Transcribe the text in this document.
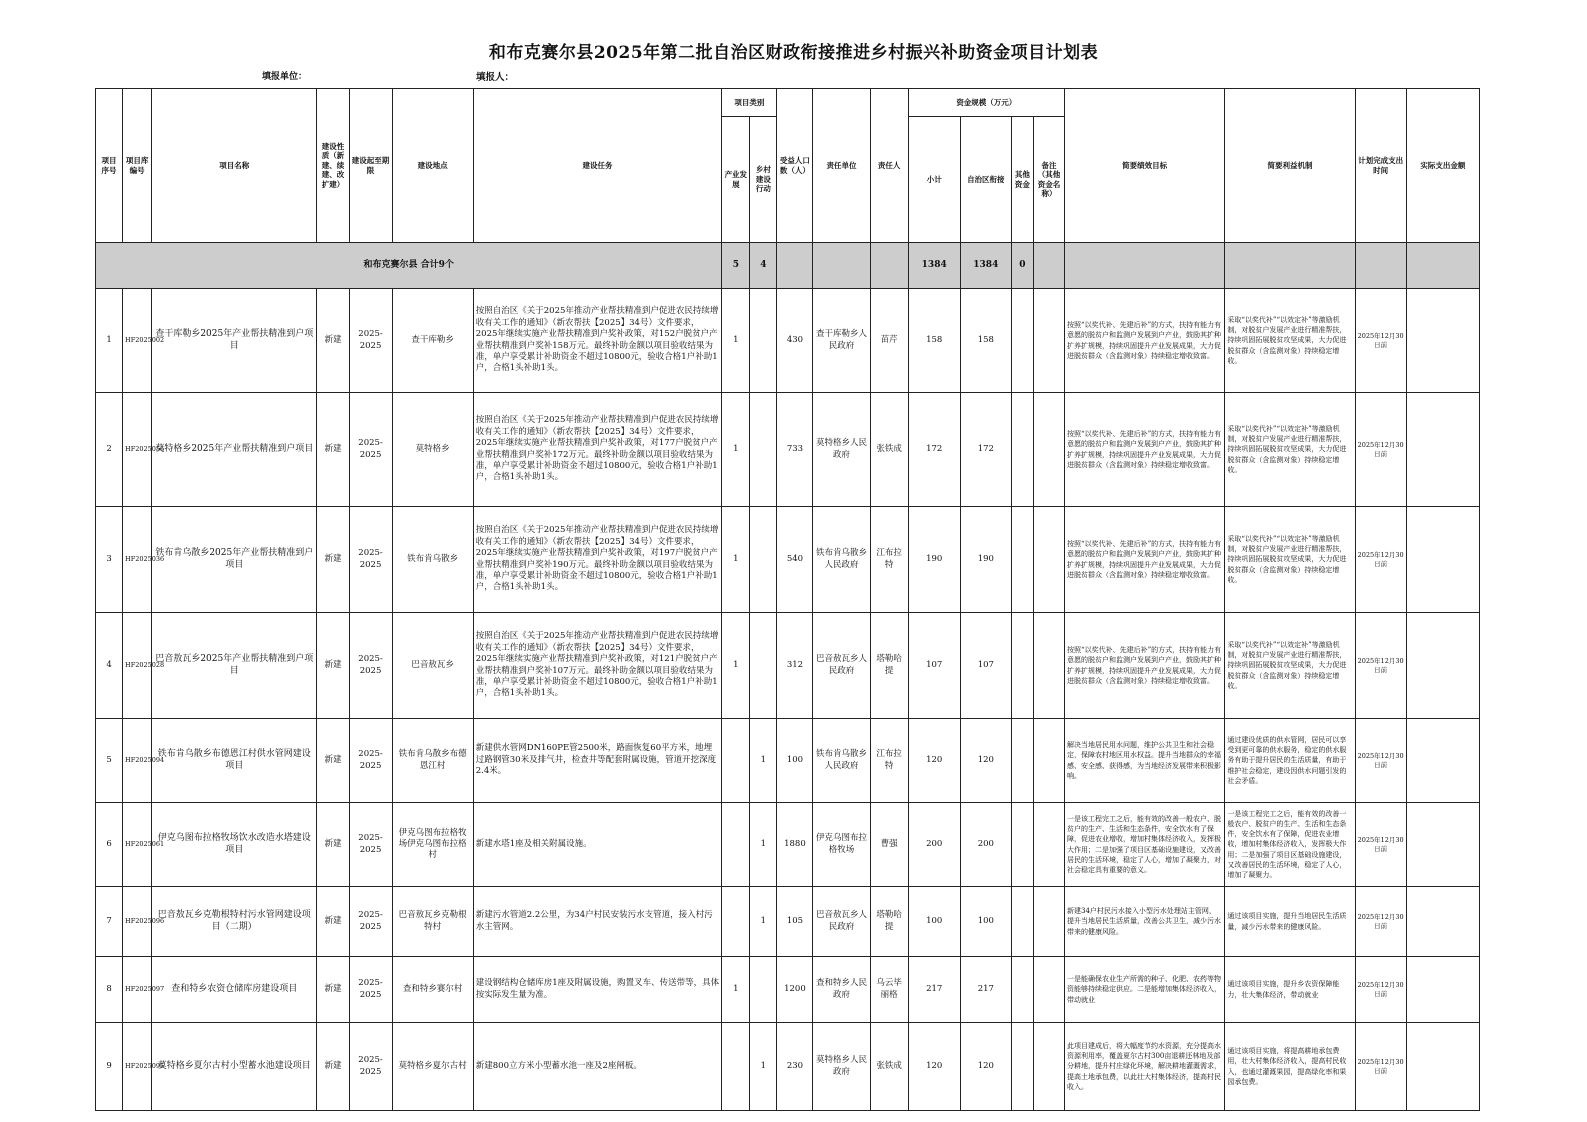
和布克赛尔县2025年第二批自治区财政衔接推进乡村振兴补助资金项目计划表
填报单位：	填报人：
项目序号	项目库编号	项目名称	建设性质（新建、续建、改扩建）	建设起至期限	建设地点	建设任务	项目类别		受益人口数（人）	责任单位	责任人	资金规模（万元）				简要绩效目标	简要利益机制	计划完成支出时间	实际支出金额
							产业发展	乡村建设行动				小计	自治区衔接	其他资金	备注（其他资金名称）				

和布克赛尔县 合计9个							5	4				1384	1384	0					
1	HF2025002	查干库勒乡2025年产业帮扶精准到户项目	新建	2025-2025	查干库勒乡	按照自治区《关于2025年推动产业帮扶精准到户促进农民持续增收有关工作的通知》（新农帮扶【2025】34号）文件要求，2025年继续实施产业帮扶精准到户奖补政策，对152户脱贫户产业帮扶精准到户奖补158万元。最终补助金额以项目验收结果为准，单户享受累计补助资金不超过10800元，验收合格1户补助1户，合格1头补助1头。	1		430	查干库勒乡人民政府	苗芹	158	158			按照“以奖代补、先建后补”的方式，扶持有能力有意愿的脱贫户和监测户发展到户产业，鼓励其扩种扩养扩规模，持续巩固提升产业发展成果，大力促进脱贫群众（含监测对象）持续稳定增收致富。	采取“以奖代补”“以效定补”等激励机制，对脱贫户发展产业进行精准帮扶，持续巩固拓展脱贫攻坚成果，大力促进脱贫群众（含监测对象）持续稳定增收。	2025年12月30日前	
2	HF2025056	莫特格乡2025年产业帮扶精准到户项目	新建	2025-2025	莫特格乡	按照自治区《关于2025年推动产业帮扶精准到户促进农民持续增收有关工作的通知》（新农帮扶【2025】34号）文件要求，2025年继续实施产业帮扶精准到户奖补政策，对177户脱贫户产业帮扶精准到户奖补172万元。最终补助金额以项目验收结果为准，单户享受累计补助资金不超过10800元，验收合格1户补助1户，合格1头补助1头。	1		733	莫特格乡人民政府	张铁成	172	172			按照“以奖代补、先建后补”的方式，扶持有能力有意愿的脱贫户和监测户发展到户产业，鼓励其扩种扩养扩规模，持续巩固提升产业发展成果，大力促进脱贫群众（含监测对象）持续稳定增收致富。	采取“以奖代补”“以效定补”等激励机制，对脱贫户发展产业进行精准帮扶，持续巩固拓展脱贫攻坚成果，大力促进脱贫群众（含监测对象）持续稳定增收。	2025年12月30日前	
3	HF2025036	铁布肯乌散乡2025年产业帮扶精准到户项目	新建	2025-2025	铁布肯乌散乡	按照自治区《关于2025年推动产业帮扶精准到户促进农民持续增收有关工作的通知》（新农帮扶【2025】34号）文件要求，2025年继续实施产业帮扶精准到户奖补政策，对197户脱贫户产业帮扶精准到户奖补190万元。最终补助金额以项目验收结果为准，单户享受累计补助资金不超过10800元，验收合格1户补助1户，合格1头补助1头。	1		540	铁布肯乌散乡人民政府	江布拉特	190	190			按照“以奖代补、先建后补”的方式，扶持有能力有意愿的脱贫户和监测户发展到户产业，鼓励其扩种扩养扩规模，持续巩固提升产业发展成果，大力促进脱贫群众（含监测对象）持续稳定增收致富。	采取“以奖代补”“以效定补”等激励机制，对脱贫户发展产业进行精准帮扶，持续巩固拓展脱贫攻坚成果，大力促进脱贫群众（含监测对象）持续稳定增收。	2025年12月30日前	
4	HF2025028	巴音敖瓦乡2025年产业帮扶精准到户项目	新建	2025-2025	巴音敖瓦乡	按照自治区《关于2025年推动产业帮扶精准到户促进农民持续增收有关工作的通知》（新农帮扶【2025】34号）文件要求，2025年继续实施产业帮扶精准到户奖补政策，对121户脱贫户产业帮扶精准到户奖补107万元。最终补助金额以项目验收结果为准，单户享受累计补助资金不超过10800元，验收合格1户补助1户，合格1头补助1头。	1		312	巴音敖瓦乡人民政府	塔勒哈提	107	107			按照“以奖代补、先建后补”的方式，扶持有能力有意愿的脱贫户和监测户发展到户产业，鼓励其扩种扩养扩规模，持续巩固提升产业发展成果，大力促进脱贫群众（含监测对象）持续稳定增收致富。	采取“以奖代补”“以效定补”等激励机制，对脱贫户发展产业进行精准帮扶，持续巩固拓展脱贫攻坚成果，大力促进脱贫群众（含监测对象）持续稳定增收。	2025年12月30日前	
5	HF2025094	铁布肯乌散乡布德恩江村供水管网建设项目	新建	2025-2025	铁布肯乌散乡布德恩江村	新建供水管网DN160PE管2500米，路面恢复60平方米，地埋过路钢管30米及排气井，检查井等配套附属设施，管道开挖深度2.4米。		1	100	铁布肯乌散乡人民政府	江布拉特	120	120			解决当地居民用水问题，维护公共卫生和社会稳定，保障农村地区用水权益。提升当地群众的幸福感、安全感、获得感，为当地经济发展带来积极影响。	通过建设优质的供水管网，居民可以享受到更可靠的供水服务，稳定的供水服务有助于提升居民的生活质量，有助于维护社会稳定，建设因供水问题引发的社会矛盾。	2025年12月30日前	
6	HF2025061	伊克乌图布拉格牧场饮水改造水塔建设项目	新建	2025-2025	伊克乌图布拉格牧场伊克乌图布拉格村	新建水塔1座及相关附属设施。		1	1880	伊克乌图布拉格牧场	曹强	200	200			一是该工程完工之后，能有效的改善一般农户、脱贫户的生产、生活和生态条件，安全饮水有了保障，促进农业增收，增加村集体经济收入，发挥极大作用；二是加强了项目区基础设施建设，又改善居民的生活环境，稳定了人心，增加了凝聚力，对社会稳定具有重要的意义。	一是该工程完工之后，能有效的改善一般农户、脱贫户的生产、生活和生态条件，安全饮水有了保障，促进农业增收，增加村集体经济收入，发挥极大作用；二是加强了项目区基础设施建设，又改善居民的生活环境，稳定了人心，增加了凝聚力。	2025年12月30日前	
7	HF2025096	巴音敖瓦乡克勒根特村污水管网建设项目（二期）	新建	2025-2025	巴音敖瓦乡克勒根特村	新建污水管道2.2公里，为34户村民安装污水支管道，接入村污水主管网。		1	105	巴音敖瓦乡人民政府	塔勒哈提	100	100			新建34户村民污水接入小型污水处理站主管网，提升当地居民生活质量，改善公共卫生，减少污水带来的健康风险。	通过该项目实施，提升当地居民生活质量，减少污水带来的健康风险。	2025年12月30日前	
8	HF2025097	查和特乡农资仓储库房建设项目	新建	2025-2025	查和特乡赛尔村	建设钢结构仓储库房1座及附属设施，购置叉车、传送带等，具体按实际发生量为准。	1		1200	查和特乡人民政府	乌云毕丽格	217	217			一是能确保农业生产所需的种子、化肥、农药等物资能够持续稳定供应。二是能增加集体经济收入，带动就业	通过该项目实施，提升乡农资保障能力，壮大集体经济，带动就业	2025年12月30日前	
9	HF2025095	莫特格乡夏尔古村小型蓄水池建设项目	新建	2025-2025	莫特格乡夏尔古村	新建800立方米小型蓄水池一座及2座闸板。		1	230	莫特格乡人民政府	张铁成	120	120			此项目建成后，将大幅度节约水资源，充分提高水资源利用率，覆盖夏尔古村300亩退耕还林地及部分耕地，提升村庄绿化环境，解决耕地灌溉需求，提高土地承包费，以此壮大村集体经济，提高村民收入。	通过该项目实施，将提高耕地承包费用，壮大村集体经济收入，提高村民收入，也通过灌溉果园，提高绿化率和果园承包费。	2025年12月30日前	
